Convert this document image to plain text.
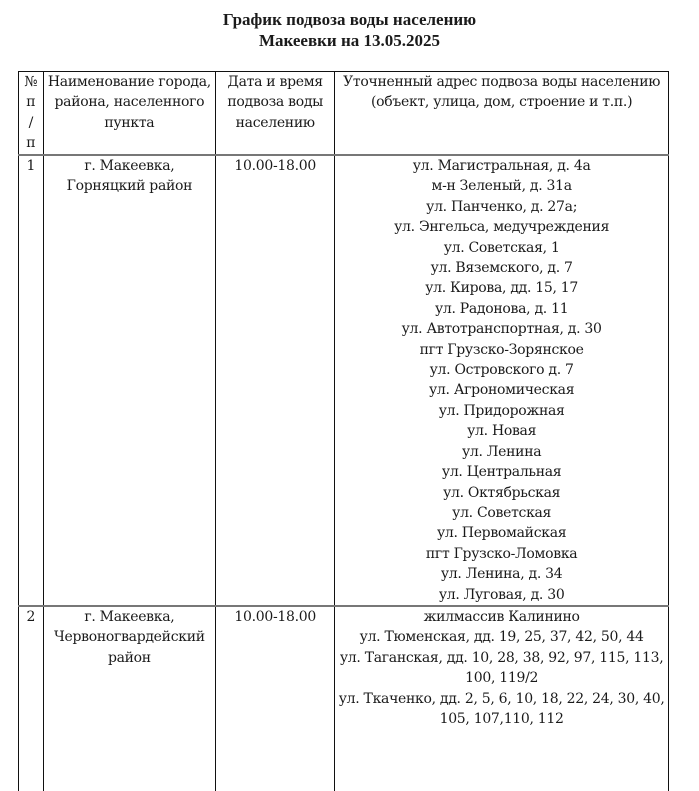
График подвоза воды населению
Макеевки на 13.05.2025
№
п
/
п	Наименование города, района, населенного пункта	Дата и время подвоза воды населению	Уточненный адрес подвоза воды населению (объект, улица, дом, строение и т.п.)
1	г. Макеевка, Горняцкий район	10.00-18.00	ул. Магистральная, д. 4а
м-н Зеленый, д. 31а
ул. Панченко, д. 27а;
ул. Энгельса, медучреждения
ул. Советская, 1
ул. Вяземского, д. 7
ул. Кирова, дд. 15, 17
ул. Радонова, д. 11
ул. Автотранспортная, д. 30
пгт Грузско-Зорянское
ул. Островского д. 7
ул. Агрономическая
ул. Придорожная
ул. Новая
ул. Ленина
ул. Центральная
ул. Октябрьская
ул. Советская
ул. Первомайская
пгт Грузско-Ломовка
ул. Ленина, д. 34
ул. Луговая, д. 30

2	г. Макеевка, Червоногвардейский район	10.00-18.00	жилмассив Калинино
ул. Тюменская, дд. 19, 25, 37, 42, 50, 44
ул. Таганская, дд. 10, 28, 38, 92, 97, 115, 113, 100, 119/2
ул. Ткаченко, дд. 2, 5, 6, 10, 18, 22, 24, 30, 40, 105, 107,110, 112
